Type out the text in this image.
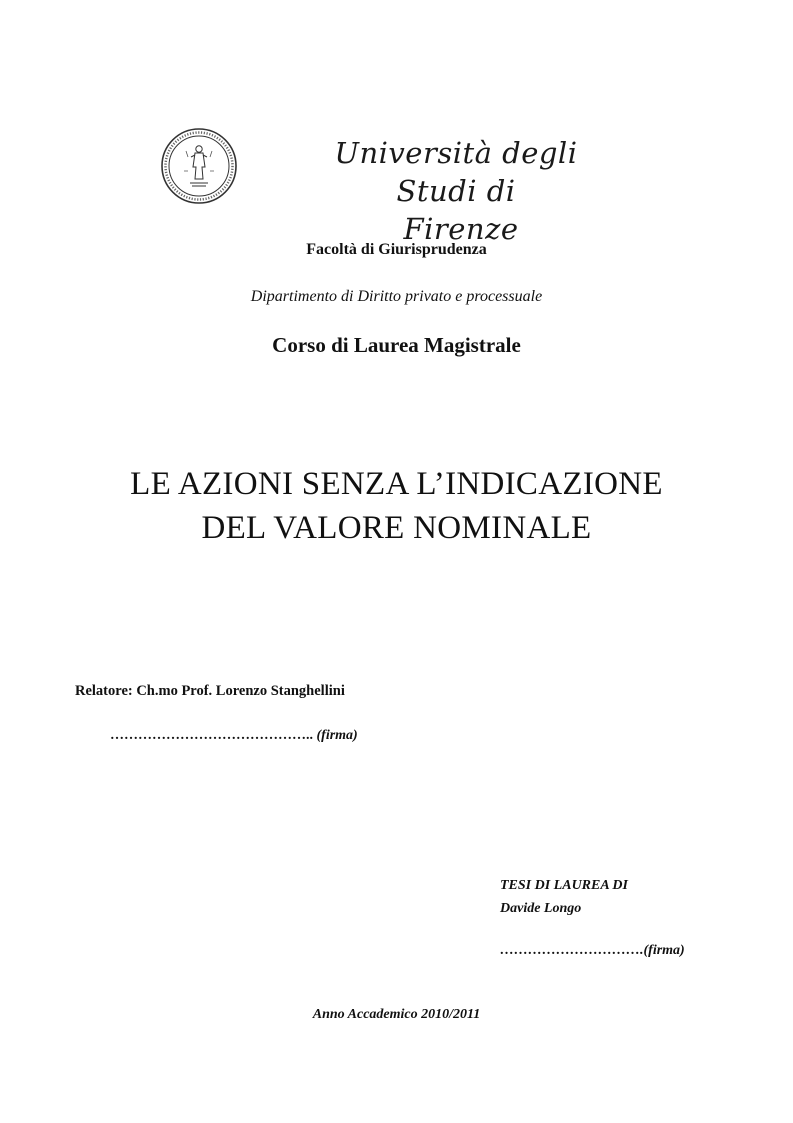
Università degli Studi di
Firenze
Facoltà di Giurisprudenza
Dipartimento di Diritto privato e processuale
Corso di Laurea Magistrale
LE AZIONI SENZA L’INDICAZIONE
DEL VALORE NOMINALE
Relatore: Ch.mo Prof. Lorenzo Stanghellini
…………………………………….. (firma)
TESI DI LAUREA DI
Davide Longo
………………………….(firma)
Anno Accademico 2010/2011
